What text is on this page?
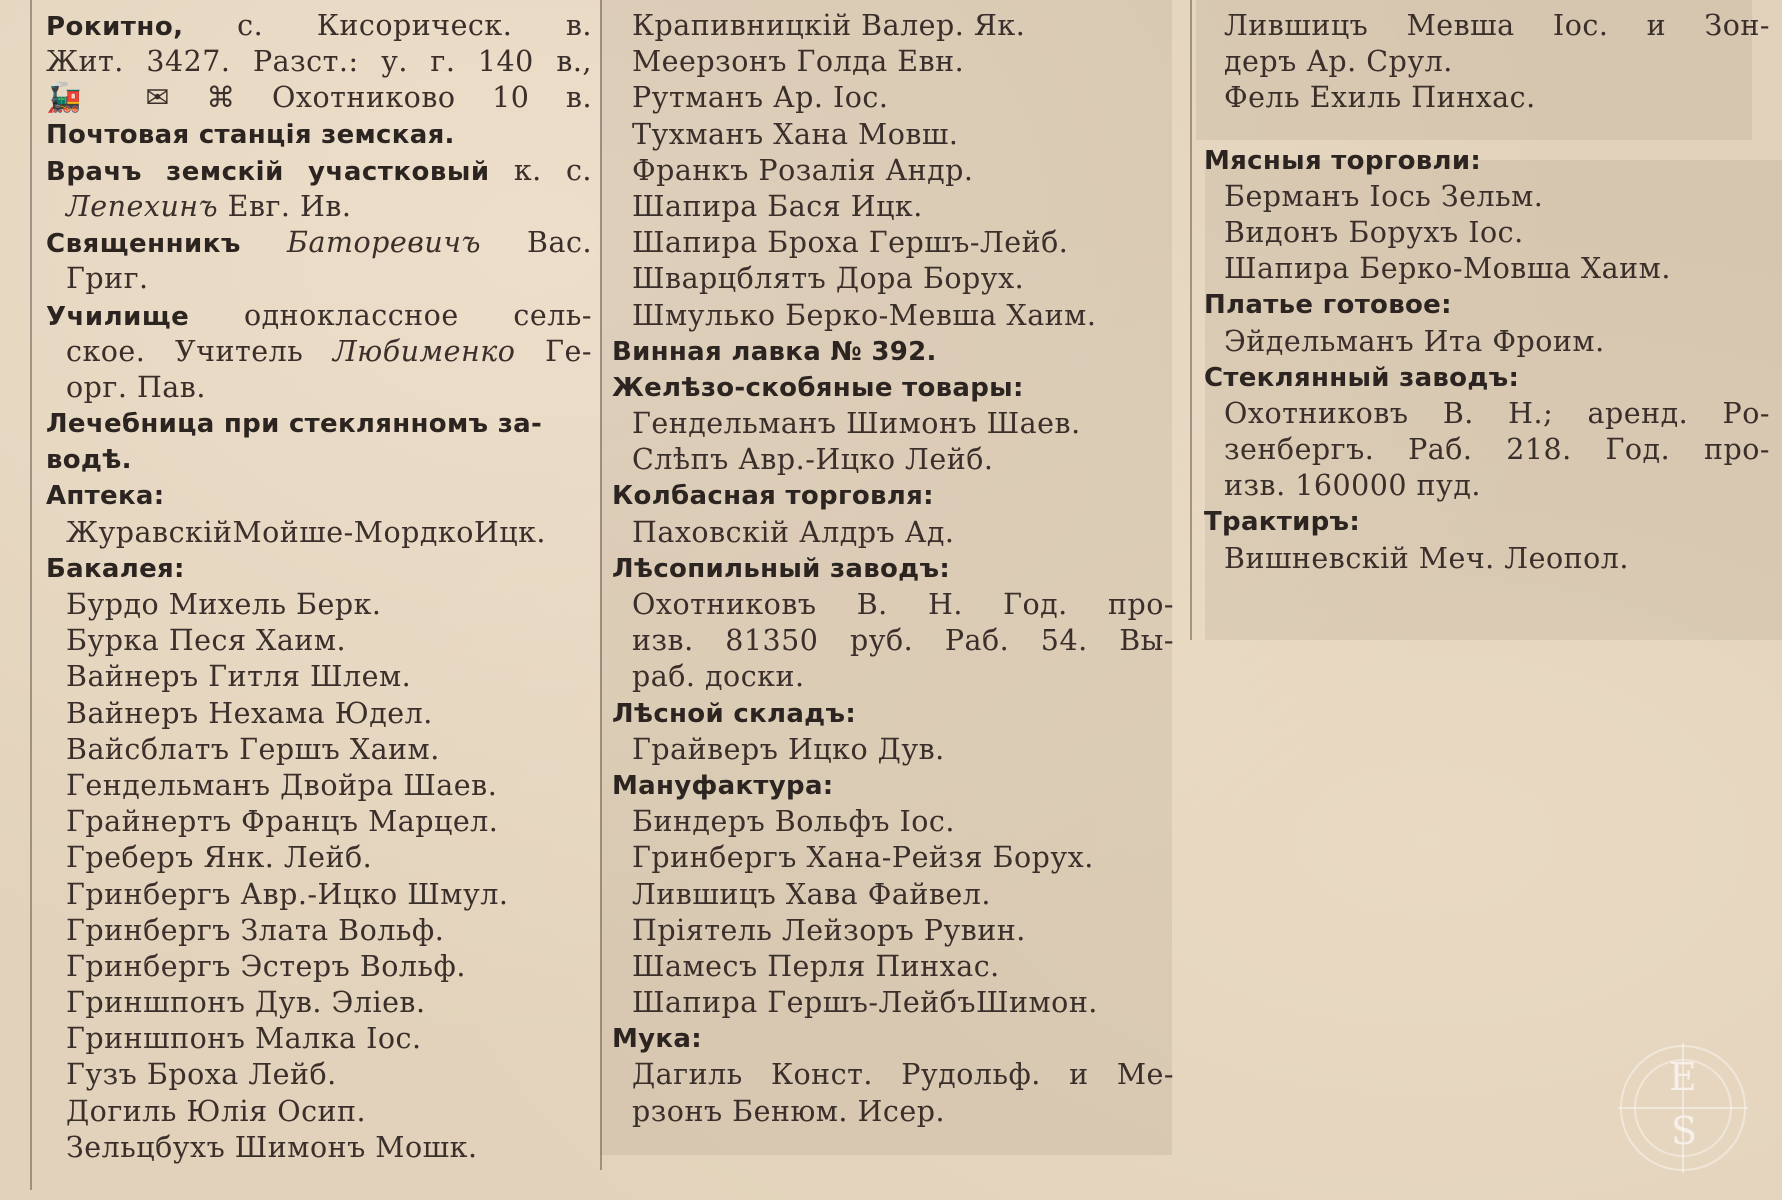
Рокитно, с. Кисорическ. в.
Жит. 3427. Разст.: у. г. 140 в.,
🚂 ✉ ⌘ Охотниково 10 в.
Почтовая станція земская.
Врачъ земскій участковый к. с.
Лепехинъ Евг. Ив.
Священникъ Баторевичъ Вас.
Григ.
Училище одноклассное сель-
ское. Учитель Любименко Ге-
орг. Пав.
Лечебница при стеклянномъ за-
водѣ.
Аптека:
ЖуравскійМойше-МордкоИцк.
Бакалея:
Бурдо Михель Берк.
Бурка Песя Хаим.
Вайнеръ Гитля Шлем.
Вайнеръ Нехама Юдел.
Вайсблатъ Гершъ Хаим.
Гендельманъ Двойра Шаев.
Грайнертъ Францъ Марцел.
Греберъ Янк. Лейб.
Гринбергъ Авр.-Ицко Шмул.
Гринбергъ Злата Вольф.
Гринбергъ Эстеръ Вольф.
Гриншпонъ Дув. Эліев.
Гриншпонъ Малка Іос.
Гузъ Броха Лейб.
Догиль Юлія Осип.
Зельцбухъ Шимонъ Мошк.
Крапивницкій Валер. Як.
Меерзонъ Голда Евн.
Рутманъ Ар. Іос.
Тухманъ Хана Мовш.
Франкъ Розалія Андр.
Шапира Бася Ицк.
Шапира Броха Гершъ-Лейб.
Шварцблятъ Дора Борух.
Шмулько Берко-Мевша Хаим.
Винная лавка № 392.
Желѣзо-скобяные товары:
Гендельманъ Шимонъ Шаев.
Слѣпъ Авр.-Ицко Лейб.
Колбасная торговля:
Паховскій Алдръ Ад.
Лѣсопильный заводъ:
Охотниковъ В. Н. Год. про-
изв. 81350 руб. Раб. 54. Вы-
раб. доски.
Лѣсной складъ:
Грайверъ Ицко Дув.
Мануфактура:
Биндеръ Вольфъ Іос.
Гринбергъ Хана-Рейзя Борух.
Лившицъ Хава Файвел.
Пріятель Лейзоръ Рувин.
Шамесъ Перля Пинхас.
Шапира Гершъ-ЛейбъШимон.
Мука:
Дагиль Конст. Рудольф. и Ме-
рзонъ Бенюм. Исер.
Лившицъ Мевша Іос. и Зон-
деръ Ар. Срул.
Фель Ехиль Пинхас.
Мясныя торговли:
Берманъ Іось Зельм.
Видонъ Борухъ Іос.
Шапира Берко-Мовша Хаим.
Платье готовое:
Эйдельманъ Ита Фроим.
Стеклянный заводъ:
Охотниковъ В. Н.; аренд. Ро-
зенбергъ. Раб. 218. Год. про-
изв. 160000 пуд.
Трактиръ:
Вишневскій Меч. Леопол.
E
S
